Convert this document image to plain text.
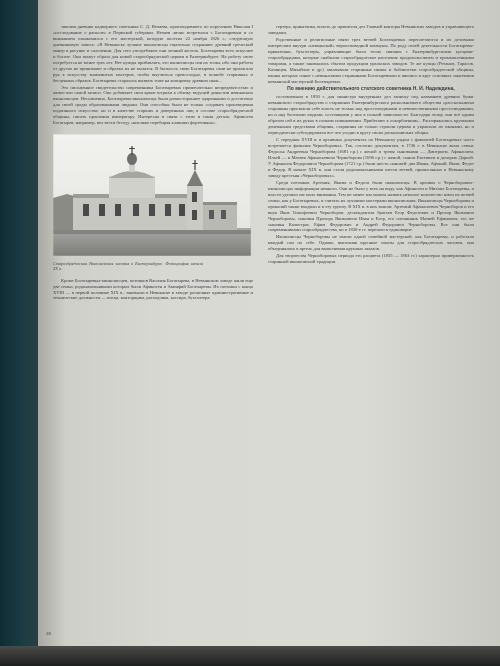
зиковая дневник надворного советника С. Д. Нечаева, производившего по поручению Николая I «исследование о расколе» в Пермской губернии. Нечаев лично встретился с Богатыревым и со вниманием ознакомился с его мастерской, которую посетил 22 ноября 1826 г., следующую дневниковую запись: «В Невьянске лучшие иконописцы тщательно сохраняют древний греческий манер в рисунке и сплочении. Для сего употребляют они личный желток. Богатыревы всех искуснее и богаче. Они пишут образа для новой старообрядческой церкви в Екатеринбурге. На работу свою потребуется не менее трех лет. Нет нужды прибавлять, что иконописцы сии их толка, ибо они работы от других не принимают и образам их не молятся. В бытность свою Богатыревы сами не прилагали рук к искусству знаменитых мастеров, чтобы выучиться превосходно, в пошибе старинных и бесценных образов. Богатыревы старались вызвать тоже на копировку древних икон...

Это письменное свидетельство современника Богатыревых примечательно непредвзятостью и живостью самой записи. Оно добавляет свои яркие штрихи к облику ведущей династии невьянских иконописцев. Несомненно, Богатыревы-иконописцы были разностороннее одаренными и достаточно для своей среды образованными людьми. Они способны были не только создавать произведения подлинного искусства, но и в качестве старших и доверенных лиц в составе старообрядческой общины, писать прошения императору. Интересна в связи с этим и такая деталь: Афиноген Богатырев, например, вел вести беседу «нигляже перебирая клавиши фортепияно».

Старообрядческая Николаевская часовня в Екатеринбурге. Фотография начала XX в.

Кроме Богатыревых-иконописцев, потомков Василия Богатырева, в Невьянском заводе жили еще две семьи, родоначальниками которых были Афиноген и Акинфий Богатыревы. Их потомки с конца XVIII — в первой половине XIX в., занимали в Невьянске и заводе различные административные и технические должности — писца, конторщика, расходчика, кассира, бухгалтера.

гертера, приказчика, вплоть до правителя дел Главной конторы Невьянских заводов и управляющего заводами.

Родственные и религиозные связи трех ветвей Богатыревых переплетаются и их деловыми интересами внутри «невьянской» вероисповедной коммуны. По роду своей деятельности Богатыревы-приказчики, бухгалтеры, управляющие были тесно связаны с Екатеринбургскими купцами-старообрядцами, которые снабжали старообрядческое население продовольствием и промышленными товарами, а также занимались сбытом продукции уральских заводов. Те же купцы (Резанов, Тарасов, Казанцев, Михайлов и др.) заказывали старинные иконы и библиотеки старообрядческой общины, иконы которых синие с невьянскими старинными Богатыревыми и явились в круг основных заказчиков невьянской мастерской Богатыревых.

По мнению действительного статского советника Н. И. Надеждина,

составленном в 1850 г. для министра внутренних дел записку под названием древних бумаг невьянского старообрядства о старшинах Екатеринбургского раскольничьего общества «расскольничьи старшины присвоили себе власть не только над простолюдинами и невежественными простолюдинами, но и над богатыми людьми, состоящими у них в полной зависимости. Благодаря этому, они всё одним образом сей в их руках в полном повиновении. Прибегают к оскорблениям... Распоряжались крупными денежными средствами общины, старшины не только строили церкви и украшали их иконами, но и периодически субсидировали все что угодно в кругу своих раскольничьих общин.

С середины XVIII в. в архивных документах по Невьянску рядом с фамилией Богатыревых часто встречается фамилия Черноборовых. Так, согласно документам, в 1746 г. в Невьянске жила семья: Федосья Андреевна Черноборова (1681 г.р.) с женой и тремя сыновьями — Дмитрием, Афанасием, Ильей — и Матвея Афанасьевича Черноборова (1696 г.р.) с женой, сыном Евсевием и дочерью Дарьей. У Афанасия Федоровича Черноборова (1721 г.р.) были шесть сыновей: два Ивана, Афоний, Яким, Федот и Федор. В начале XIX в. они стали родоначальниками шести ветвей, приписанных к Невьянскому заводу крестьян «Черноборовых».

Среди потомков Артемия, Якима и Федота были иконописцы. В архивах о Черноборовых-иконописцах информации немного. Они не были у всех на виду, как Афиноген и Михаил Богатыревы, и власти уделяли им мало внимания. Тем не менее мы можем назвать немалое количество имен их ветвей семьи, как у Богатыревых, и считать их лучшими мастерами иконописания. Иконописцы Черноборовы и прокопий также входили и в эту группу. В ХIX в. в них вошли: Артемий Афанасьевич Черноборов и его внук Яков Тимофеевич Черноборов, дескендентом братьев Егор Федотович и Прохор Якимович Черноборовы, сыновья Прохора Якимовича Иван и Егор, его племянник Матвей Ефимович; его же сыновья Калистрат, Ефим Федорович и Андрей Федорович Черноборовы. Все они были современниками старообрядчества, но в 1830-е гг. перешли в единоверие.

Иконописцы Черноборовы не имели одной семейной мастерской, как Богатыревы, и работали каждый сам по себе. Однако, выполняя крупные заказы для старообрядческих часовен, они объединялись в артель для выполнения крупных заказов.

Для творчества Черноборовых периода его расцвета (1835 — 1863 гг.) характерно приверженность старинной иконописной традиции.

38
